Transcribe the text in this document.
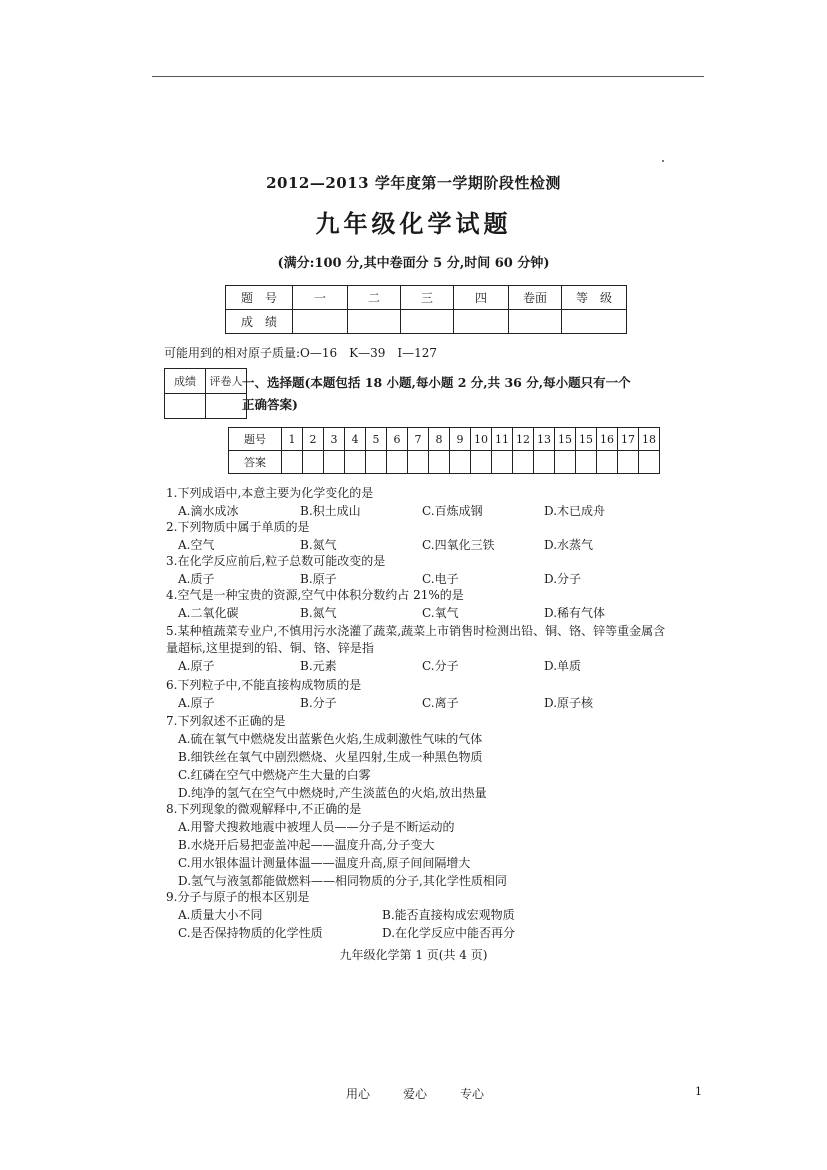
2012—2013 学年度第一学期阶段性检测
九年级化学试题
(满分:100 分,其中卷面分 5 分,时间 60 分钟)
题　号	一	二	三	四	卷面	等　级
成　绩						
可能用到的相对原子质量:O—16　K—39　I—127
成绩	评卷人
	一、选择题(本题包括 18 小题,每小题 2 分,共 36 分,每小题只有一个正确答案)
题号	1	2	3	4	5	6	7	8	9	10	11	12	13	15	15	16	17	18
答案																		
1.下列成语中,本意主要为化学变化的是
A.滴水成冰	B.积土成山	C.百炼成钢	D.木已成舟
2.下列物质中属于单质的是
A.空气	B.氮气	C.四氧化三铁	D.水蒸气
3.在化学反应前后,粒子总数可能改变的是
A.质子	B.原子	C.电子	D.分子
4.空气是一种宝贵的资源,空气中体积分数约占 21%的是
A.二氧化碳	B.氮气	C.氧气	D.稀有气体
5.某种植蔬菜专业户,不慎用污水浇灌了蔬菜,蔬菜上市销售时检测出铅、铜、铬、锌等重金属含量超标,这里提到的铅、铜、铬、锌是指
A.原子	B.元素	C.分子	D.单质
6.下列粒子中,不能直接构成物质的是
A.原子	B.分子	C.离子	D.原子核
7.下列叙述不正确的是
A.硫在氧气中燃烧发出蓝紫色火焰,生成刺激性气味的气体
B.细铁丝在氧气中剧烈燃烧、火星四射,生成一种黑色物质
C.红磷在空气中燃烧产生大量的白雾
D.纯净的氢气在空气中燃烧时,产生淡蓝色的火焰,放出热量
8.下列现象的微观解释中,不正确的是
A.用警犬搜救地震中被埋人员——分子是不断运动的
B.水烧开后易把壶盖冲起——温度升高,分子变大
C.用水银体温计测量体温——温度升高,原子间间隔增大
D.氢气与液氢都能做燃料——相同物质的分子,其化学性质相同
9.分子与原子的根本区别是
A.质量大小不同	B.能否直接构成宏观物质
C.是否保持物质的化学性质	D.在化学反应中能否再分
九年级化学第 1 页(共 4 页)
用心	爱心	专心	1
